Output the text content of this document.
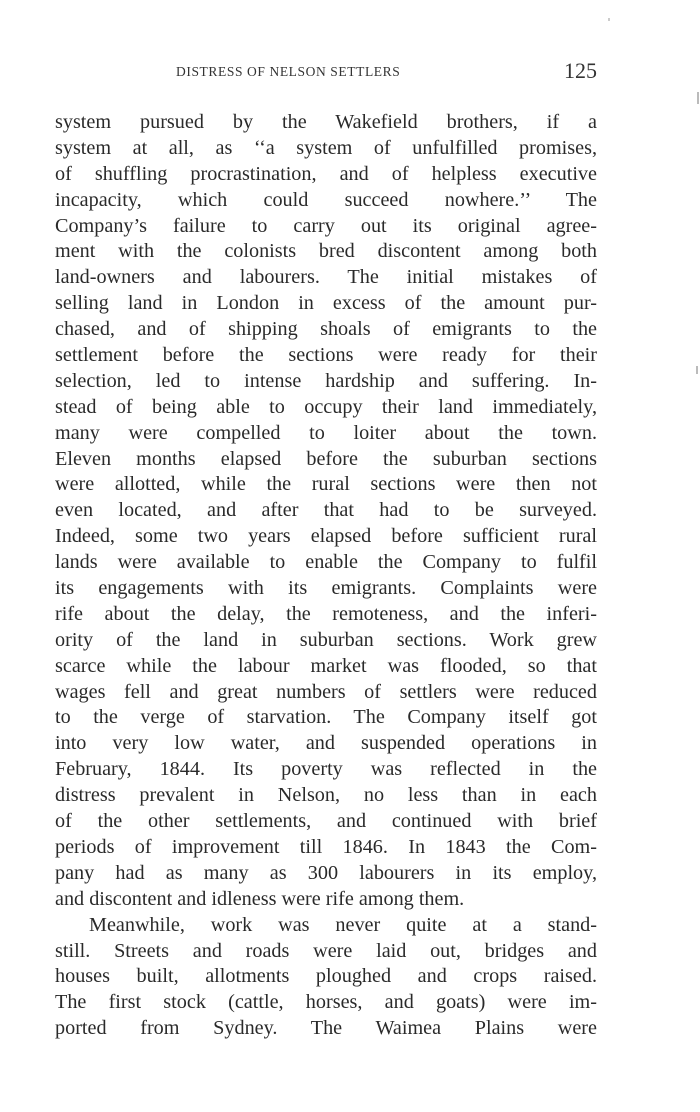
DISTRESS OF NELSON SETTLERS	125
system pursued by the Wakefield brothers, if a
system at all, as ‘‘a system of unfulfilled promises,
of shuffling procrastination, and of helpless executive
incapacity, which could succeed nowhere.’’ The
Company’s failure to carry out its original agree-
ment with the colonists bred discontent among both
land-owners and labourers. The initial mistakes of
selling land in London in excess of the amount pur-
chased, and of shipping shoals of emigrants to the
settlement before the sections were ready for their
selection, led to intense hardship and suffering. In-
stead of being able to occupy their land immediately,
many were compelled to loiter about the town.
Eleven months elapsed before the suburban sections
were allotted, while the rural sections were then not
even located, and after that had to be surveyed.
Indeed, some two years elapsed before sufficient rural
lands were available to enable the Company to fulfil
its engagements with its emigrants. Complaints were
rife about the delay, the remoteness, and the inferi-
ority of the land in suburban sections. Work grew
scarce while the labour market was flooded, so that
wages fell and great numbers of settlers were reduced
to the verge of starvation. The Company itself got
into very low water, and suspended operations in
February, 1844. Its poverty was reflected in the
distress prevalent in Nelson, no less than in each
of the other settlements, and continued with brief
periods of improvement till 1846. In 1843 the Com-
pany had as many as 300 labourers in its employ,
and discontent and idleness were rife among them.
Meanwhile, work was never quite at a stand-
still. Streets and roads were laid out, bridges and
houses built, allotments ploughed and crops raised.
The first stock (cattle, horses, and goats) were im-
ported from Sydney. The Waimea Plains were
